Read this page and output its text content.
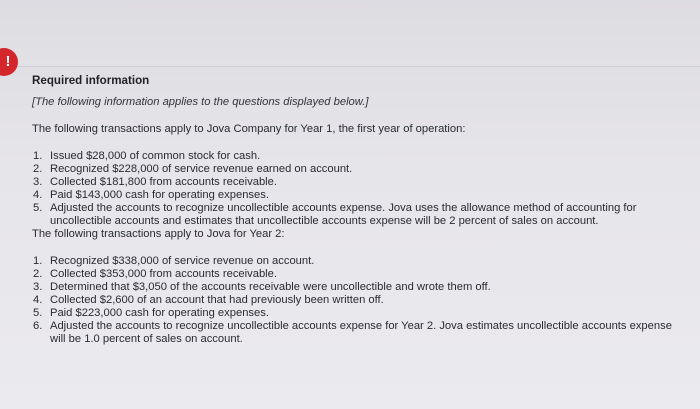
!
Required information
[The following information applies to the questions displayed below.]
The following transactions apply to Jova Company for Year 1, the first year of operation:
1. Issued $28,000 of common stock for cash.
2. Recognized $228,000 of service revenue earned on account.
3. Collected $181,800 from accounts receivable.
4. Paid $143,000 cash for operating expenses.
5. Adjusted the accounts to recognize uncollectible accounts expense. Jova uses the allowance method of accounting for uncollectible accounts and estimates that uncollectible accounts expense will be 2 percent of sales on account.
The following transactions apply to Jova for Year 2:
1. Recognized $338,000 of service revenue on account.
2. Collected $353,000 from accounts receivable.
3. Determined that $3,050 of the accounts receivable were uncollectible and wrote them off.
4. Collected $2,600 of an account that had previously been written off.
5. Paid $223,000 cash for operating expenses.
6. Adjusted the accounts to recognize uncollectible accounts expense for Year 2. Jova estimates uncollectible accounts expense will be 1.0 percent of sales on account.
